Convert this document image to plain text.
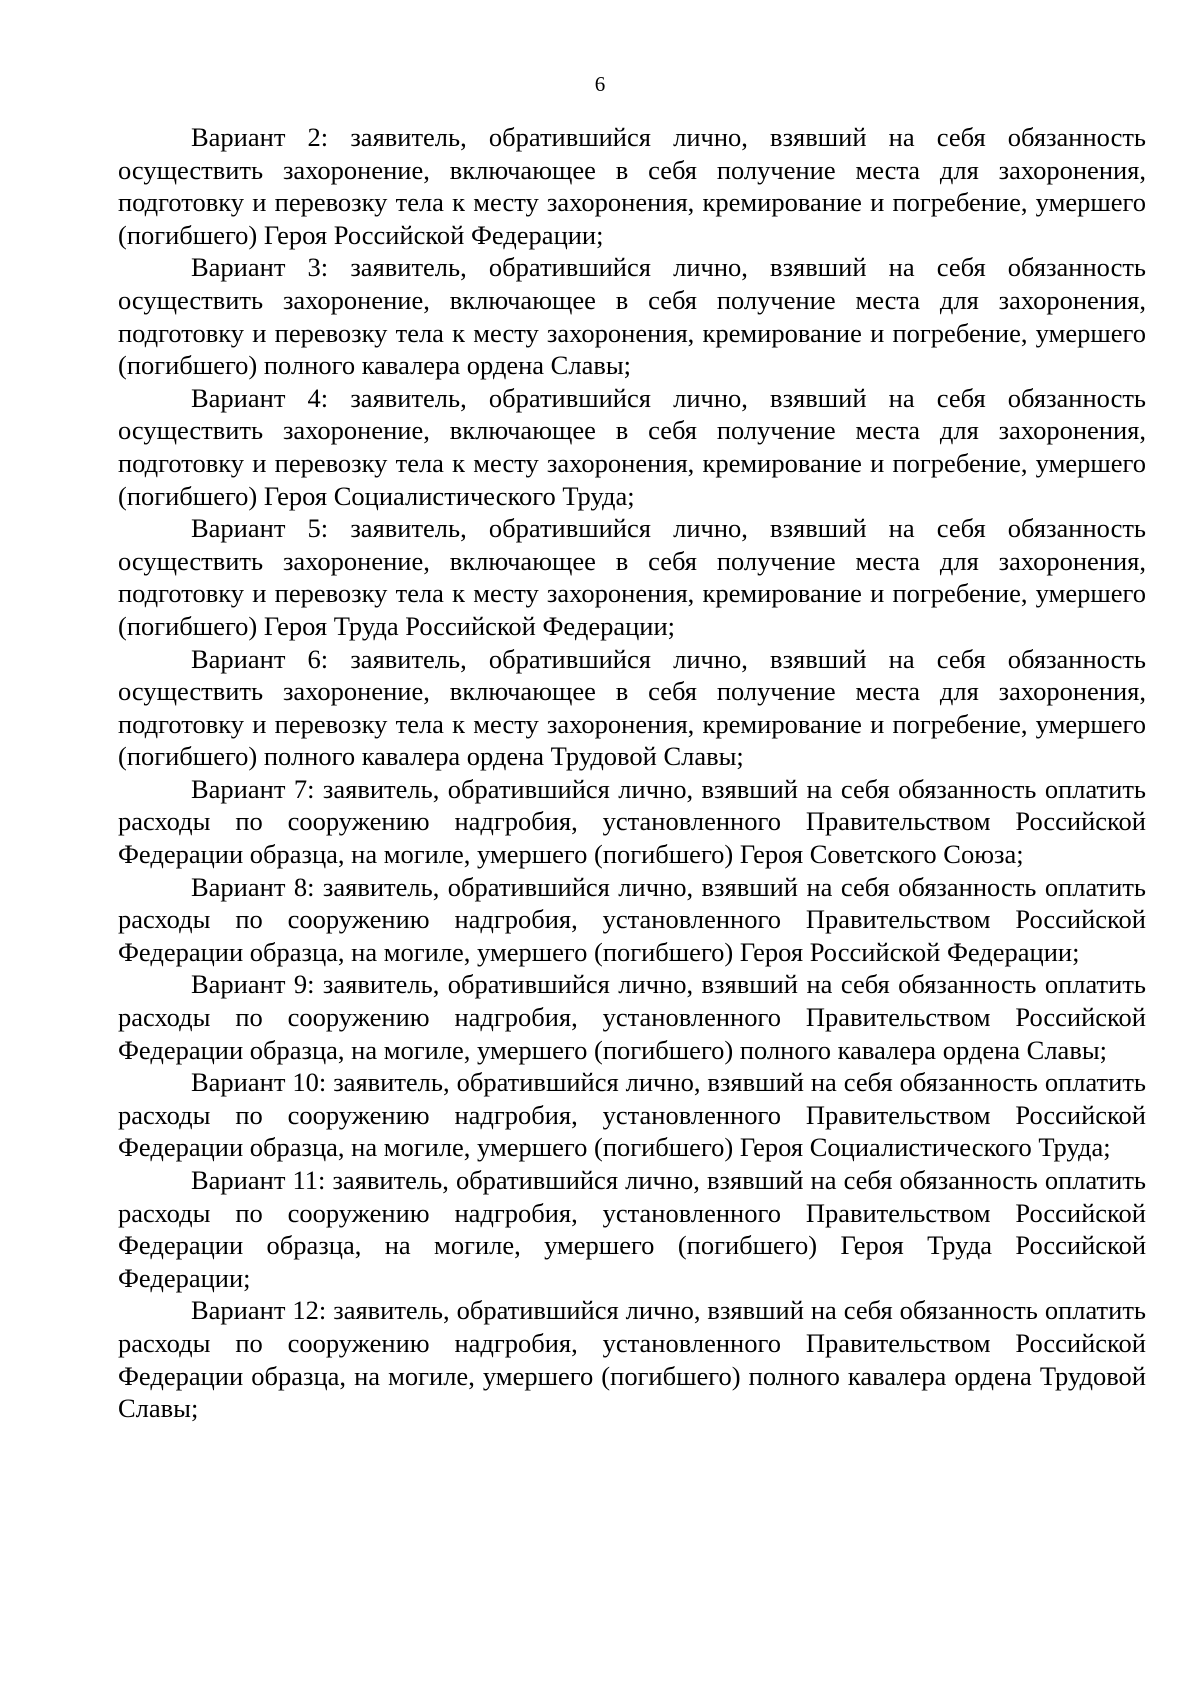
6

Вариант 2: заявитель, обратившийся лично, взявший на себя обязанность осуществить захоронение, включающее в себя получение места для захоронения, подготовку и перевозку тела к месту захоронения, кремирование и погребение, умершего (погибшего) Героя Российской Федерации;

Вариант 3: заявитель, обратившийся лично, взявший на себя обязанность осуществить захоронение, включающее в себя получение места для захоронения, подготовку и перевозку тела к месту захоронения, кремирование и погребение, умершего (погибшего) полного кавалера ордена Славы;

Вариант 4: заявитель, обратившийся лично, взявший на себя обязанность осуществить захоронение, включающее в себя получение места для захоронения, подготовку и перевозку тела к месту захоронения, кремирование и погребение, умершего (погибшего) Героя Социалистического Труда;

Вариант 5: заявитель, обратившийся лично, взявший на себя обязанность осуществить захоронение, включающее в себя получение места для захоронения, подготовку и перевозку тела к месту захоронения, кремирование и погребение, умершего (погибшего) Героя Труда Российской Федерации;

Вариант 6: заявитель, обратившийся лично, взявший на себя обязанность осуществить захоронение, включающее в себя получение места для захоронения, подготовку и перевозку тела к месту захоронения, кремирование и погребение, умершего (погибшего) полного кавалера ордена Трудовой Славы;

Вариант 7: заявитель, обратившийся лично, взявший на себя обязанность оплатить расходы по сооружению надгробия, установленного Правительством Российской Федерации образца, на могиле, умершего (погибшего) Героя Советского Союза;

Вариант 8: заявитель, обратившийся лично, взявший на себя обязанность оплатить расходы по сооружению надгробия, установленного Правительством Российской Федерации образца, на могиле, умершего (погибшего) Героя Российской Федерации;

Вариант 9: заявитель, обратившийся лично, взявший на себя обязанность оплатить расходы по сооружению надгробия, установленного Правительством Российской Федерации образца, на могиле, умершего (погибшего) полного кавалера ордена Славы;

Вариант 10: заявитель, обратившийся лично, взявший на себя обязанность оплатить расходы по сооружению надгробия, установленного Правительством Российской Федерации образца, на могиле, умершего (погибшего) Героя Социалистического Труда;

Вариант 11: заявитель, обратившийся лично, взявший на себя обязанность оплатить расходы по сооружению надгробия, установленного Правительством Российской Федерации образца, на могиле, умершего (погибшего) Героя Труда Российской Федерации;

Вариант 12: заявитель, обратившийся лично, взявший на себя обязанность оплатить расходы по сооружению надгробия, установленного Правительством Российской Федерации образца, на могиле, умершего (погибшего) полного кавалера ордена Трудовой Славы;
